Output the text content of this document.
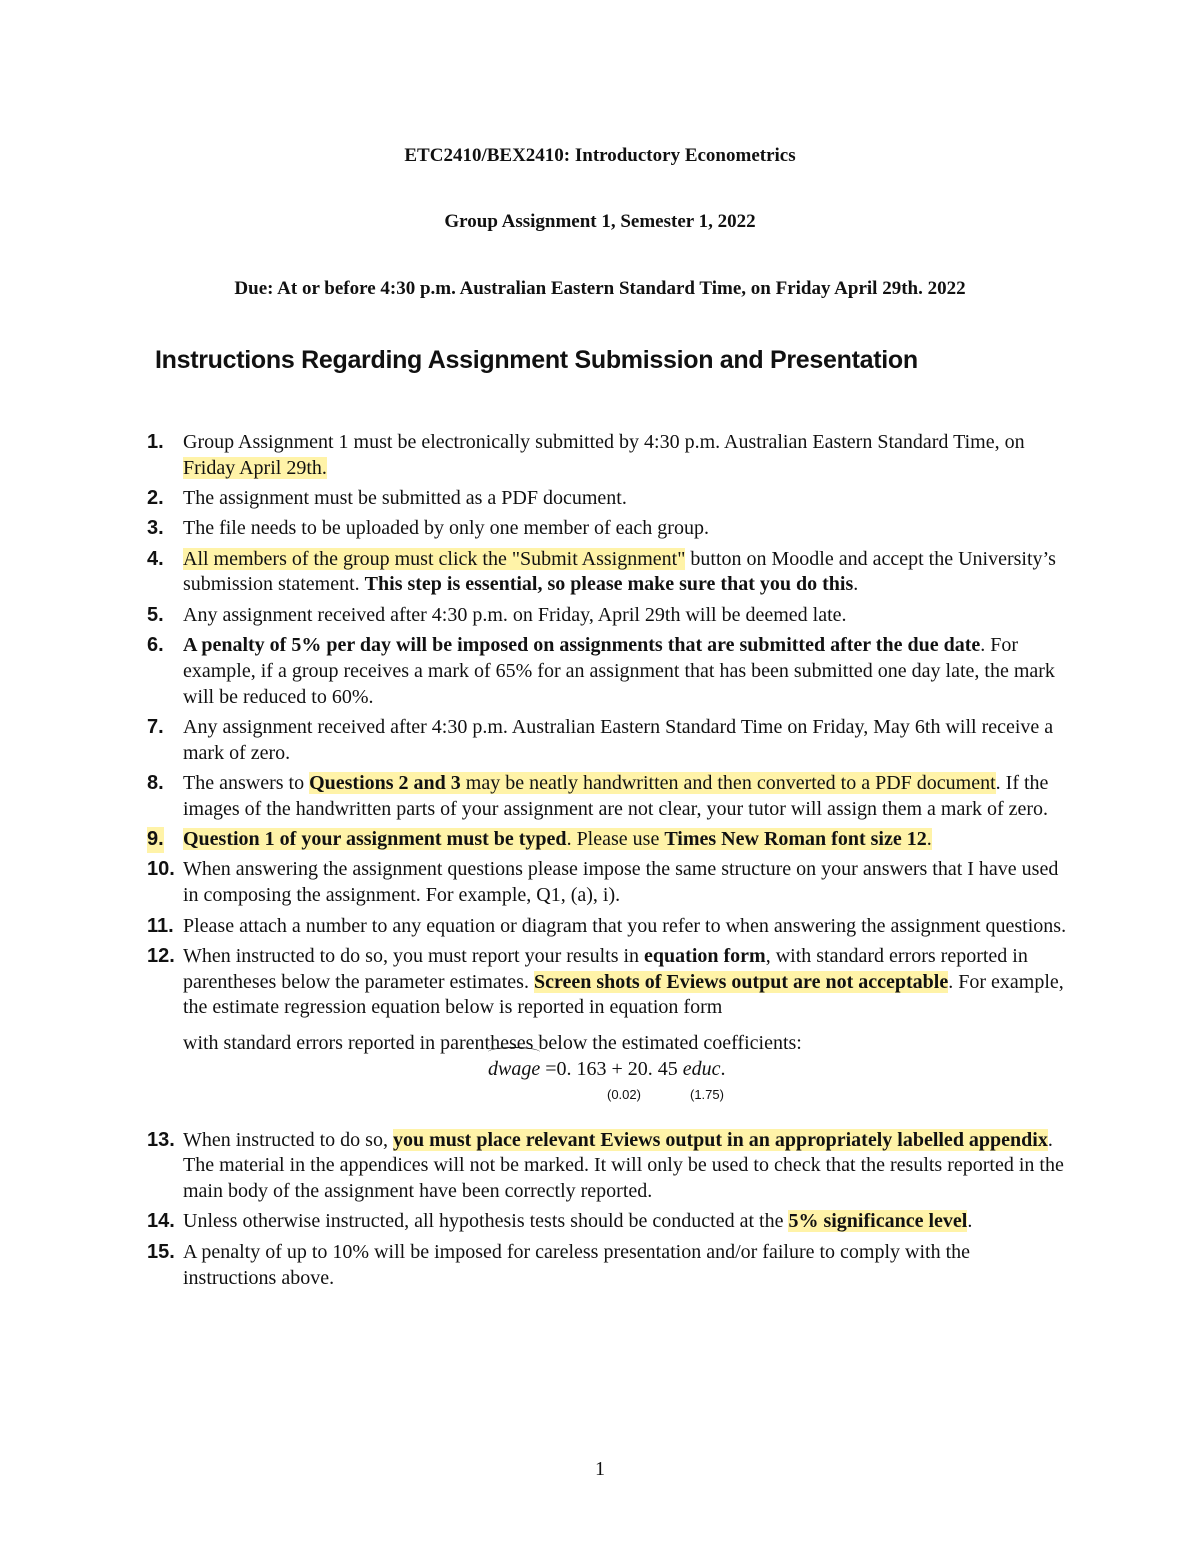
ETC2410/BEX2410: Introductory Econometrics
Group Assignment 1, Semester 1, 2022
Due: At or before 4:30 p.m. Australian Eastern Standard Time, on Friday April 29th. 2022
Instructions Regarding Assignment Submission and Presentation
1. Group Assignment 1 must be electronically submitted by 4:30 p.m. Australian Eastern Standard Time, on Friday April 29th.
2. The assignment must be submitted as a PDF document.
3. The file needs to be uploaded by only one member of each group.
4. All members of the group must click the "Submit Assignment" button on Moodle and accept the University’s submission statement. This step is essential, so please make sure that you do this.
5. Any assignment received after 4:30 p.m. on Friday, April 29th will be deemed late.
6. A penalty of 5% per day will be imposed on assignments that are submitted after the due date. For example, if a group receives a mark of 65% for an assignment that has been submitted one day late, the mark will be reduced to 60%.
7. Any assignment received after 4:30 p.m. Australian Eastern Standard Time on Friday, May 6th will receive a mark of zero.
8. The answers to Questions 2 and 3 may be neatly handwritten and then converted to a PDF document. If the images of the handwritten parts of your assignment are not clear, your tutor will assign them a mark of zero.
9. Question 1 of your assignment must be typed. Please use Times New Roman font size 12.
10. When answering the assignment questions please impose the same structure on your answers that I have used in composing the assignment. For example, Q1, (a), i).
11. Please attach a number to any equation or diagram that you refer to when answering the assignment questions.
12. When instructed to do so, you must report your results in equation form, with standard errors reported in parentheses below the parameter estimates. Screen shots of Eviews output are not acceptable. For example, the estimate regression equation below is reported in equation form
with standard errors reported in parentheses below the estimated coefficients:
dwage =0. 163 + 20. 45 educ.
(0.02)	(1.75)
13. When instructed to do so, you must place relevant Eviews output in an appropriately labelled appendix. The material in the appendices will not be marked. It will only be used to check that the results reported in the main body of the assignment have been correctly reported.
14. Unless otherwise instructed, all hypothesis tests should be conducted at the 5% significance level.
15. A penalty of up to 10% will be imposed for careless presentation and/or failure to comply with the instructions above.
1
